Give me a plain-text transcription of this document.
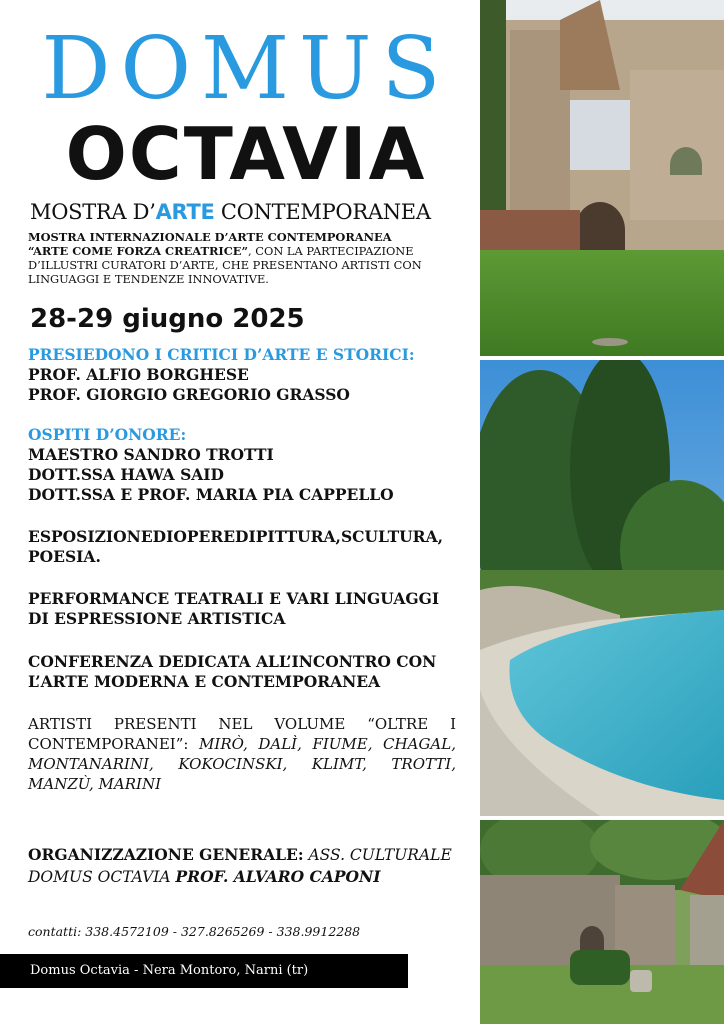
DOMUS
OCTAVIA
MOSTRA D’ARTE CONTEMPORANEA
MOSTRA INTERNAZIONALE D’ARTE CONTEMPORANEA
“ARTE COME FORZA CREATRICE”, CON LA PARTECIPAZIONE D’ILLUSTRI CURATORI D’ARTE, CHE PRESENTANO ARTISTI CON LINGUAGGI E TENDENZE INNOVATIVE.
28-29 giugno 2025
PRESIEDONO I CRITICI D’ARTE E STORICI:
PROF. ALFIO BORGHESE
PROF. GIORGIO GREGORIO GRASSO
OSPITI D’ONORE:
MAESTRO SANDRO TROTTI
DOTT.SSA HAWA SAID
DOTT.SSA E PROF. MARIA PIA CAPPELLO
ESPOSIZIONEDIOPEREDIPITTURA,SCULTURA, POESIA.
PERFORMANCE TEATRALI E VARI LINGUAGGI DI ESPRESSIONE ARTISTICA
CONFERENZA DEDICATA ALL’INCONTRO CON L’ARTE MODERNA E CONTEMPORANEA
ARTISTI PRESENTI NEL VOLUME “OLTRE I CONTEMPORANEI”: MIRÒ, DALÌ, FIUME, CHAGAL, MONTANARINI, KOKOCINSKI, KLIMT, TROTTI, MANZÙ, MARINI
ORGANIZZAZIONE GENERALE: ASS. CULTURALE DOMUS OCTAVIA PROF. ALVARO CAPONI
contatti: 338.4572109 - 327.8265269 - 338.9912288
Domus Octavia - Nera Montoro, Narni (tr)
